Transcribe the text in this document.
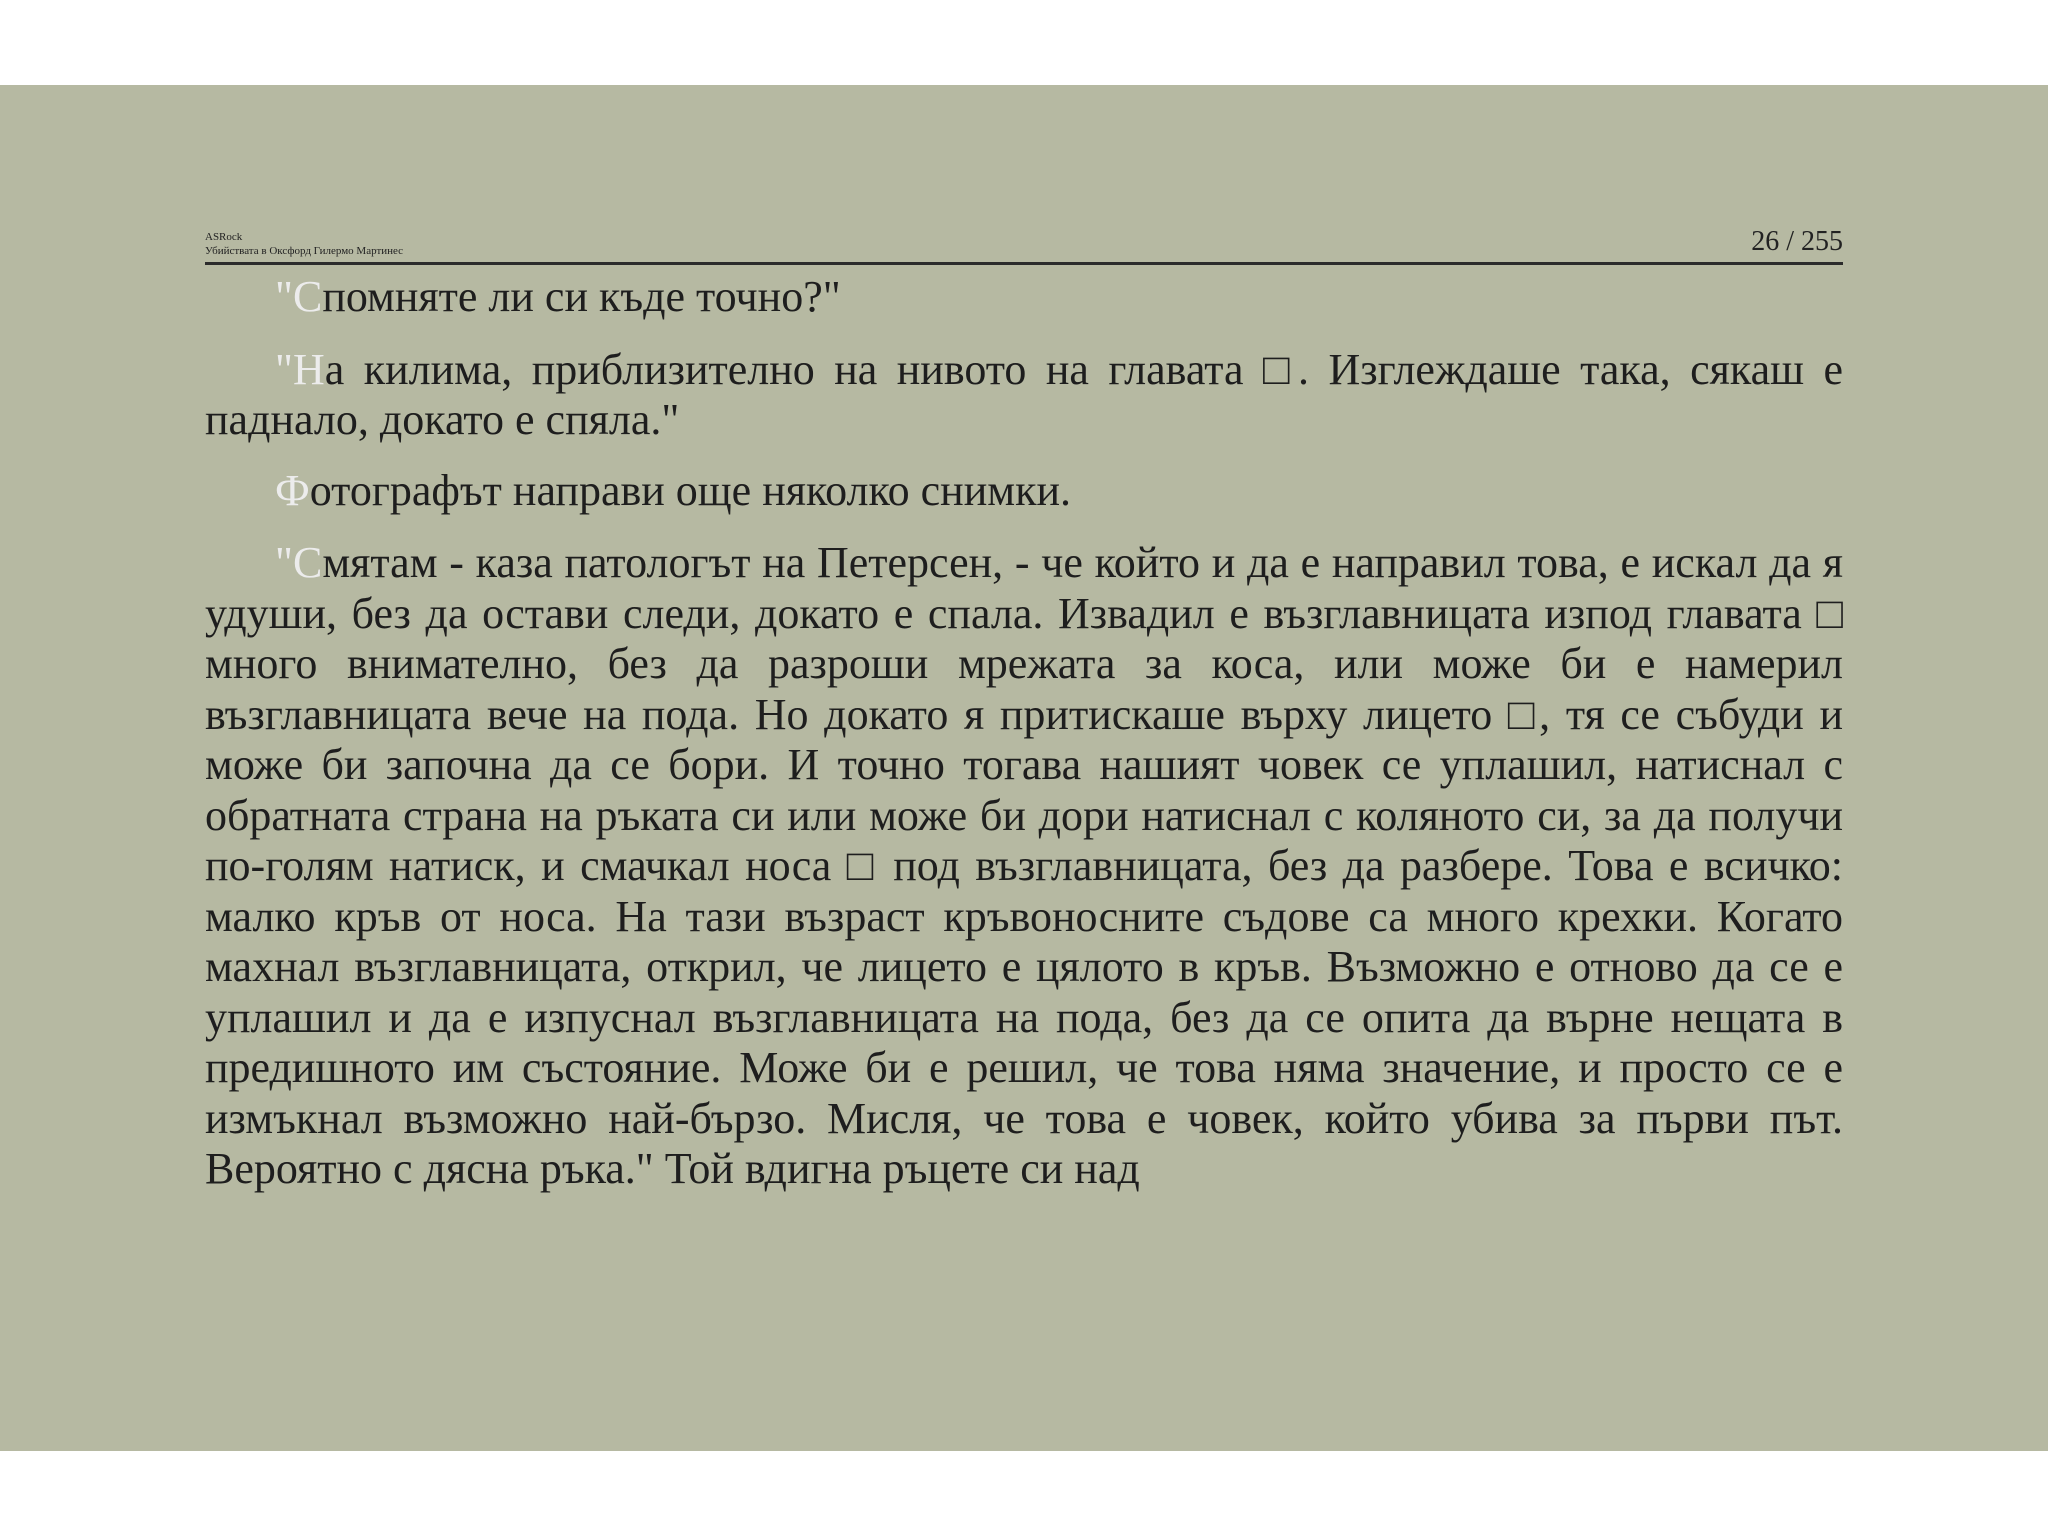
ASRock
Убийствата в Оксфорд Гилермо Мартинес	26 / 255

"Спомняте ли си къде точно?"

"На килима, приблизително на нивото на главата □. Изглеждаше така, сякаш е паднало, докато е спяла."

Фотографът направи още няколко снимки.

"Смятам - каза патологът на Петерсен, - че който и да е направил това, е искал да я удуши, без да остави следи, докато е спала. Извадил е възглавницата изпод главата □ много внимателно, без да разроши мрежата за коса, или може би е намерил възглавницата вече на пода. Но докато я притискаше върху лицето □, тя се събуди и може би започна да се бори. И точно тогава нашият човек се уплашил, натиснал с обратната страна на ръката си или може би дори натиснал с коляното си, за да получи по-голям натиск, и смачкал носа □ под възглавницата, без да разбере. Това е всичко: малко кръв от носа. На тази възраст кръвоносните съдове са много крехки. Когато махнал възглавницата, открил, че лицето е цялото в кръв. Възможно е отново да се е уплашил и да е изпуснал възглавницата на пода, без да се опита да върне нещата в предишното им състояние. Може би е решил, че това няма значение, и просто се е измъкнал възможно най-бързо. Мисля, че това е човек, който убива за първи път. Вероятно с дясна ръка." Той вдигна ръцете си над
